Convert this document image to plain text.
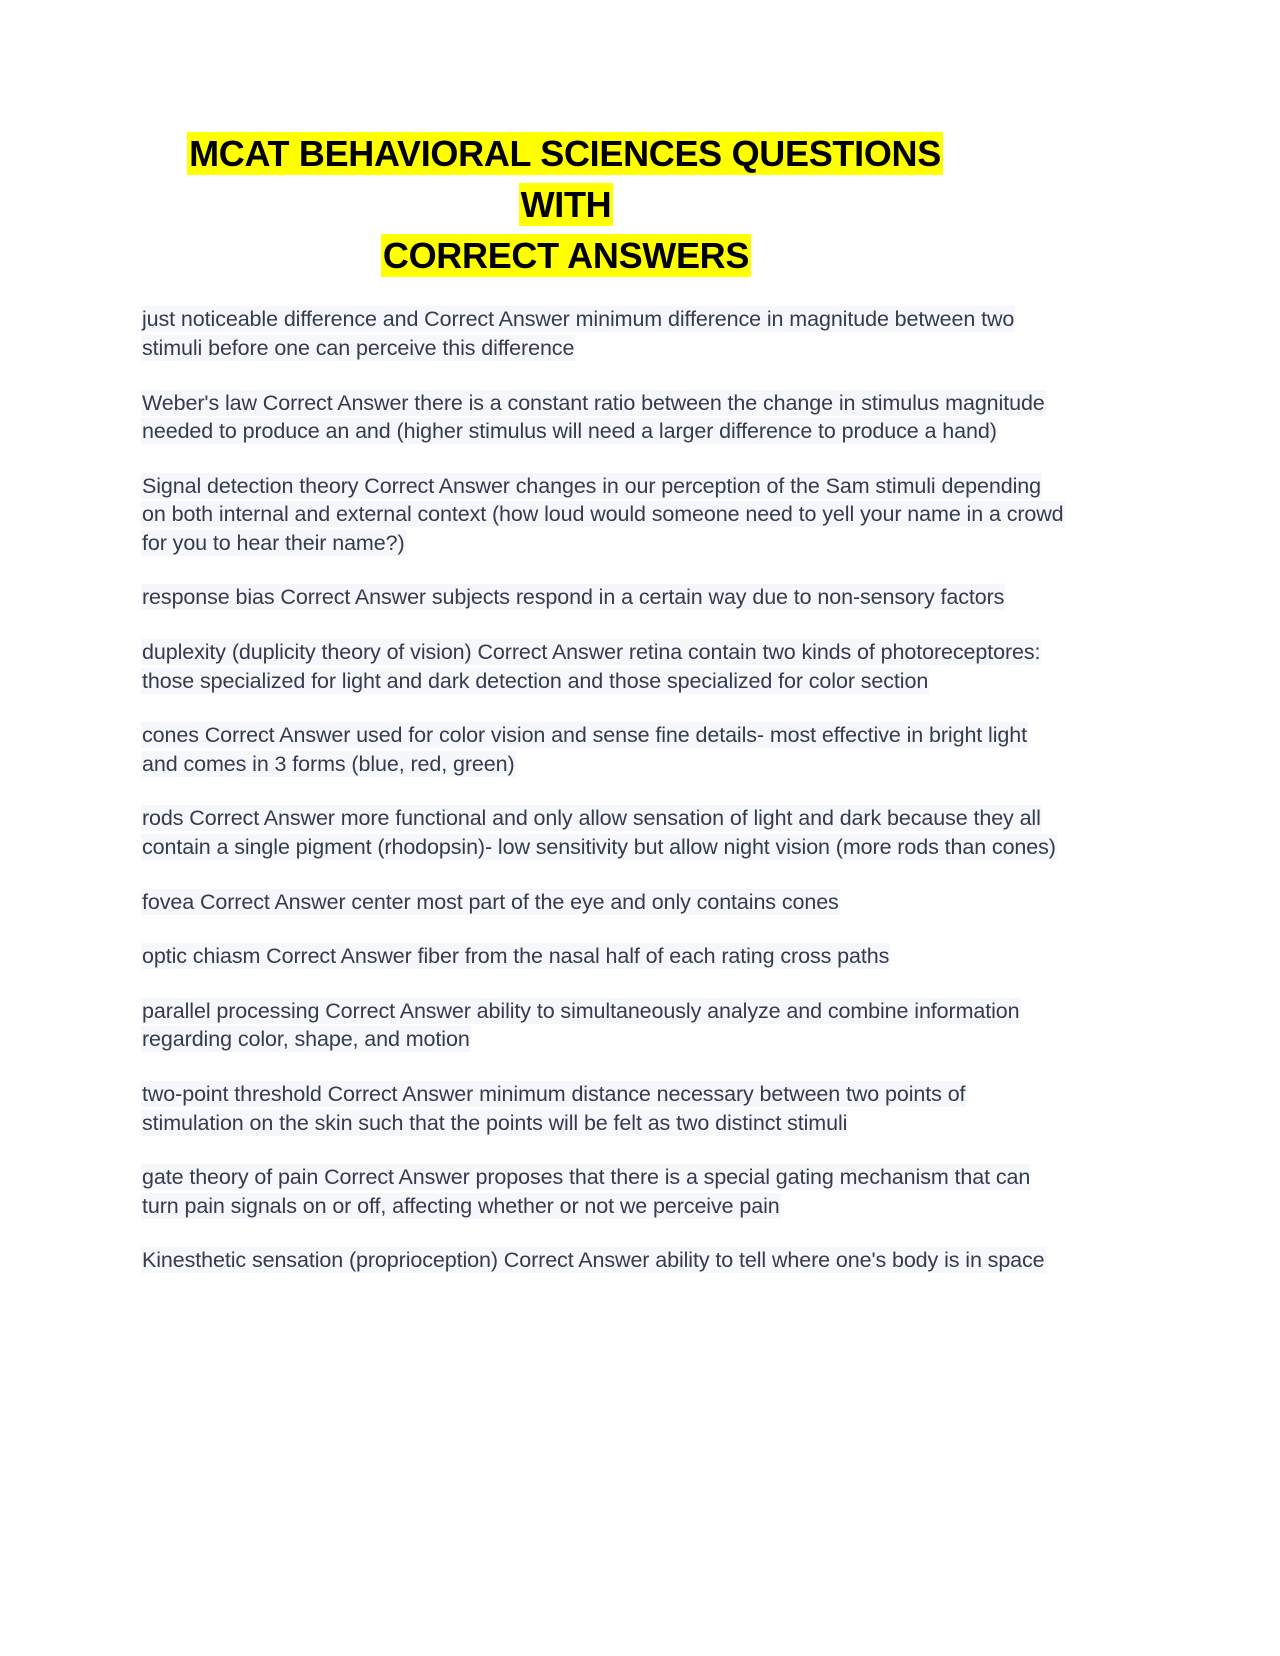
MCAT BEHAVIORAL SCIENCES QUESTIONS WITH
CORRECT ANSWERS

just noticeable difference and Correct Answer minimum difference in magnitude between two stimuli before one can perceive this difference

Weber's law Correct Answer there is a constant ratio between the change in stimulus magnitude needed to produce an and (higher stimulus will need a larger difference to produce a hand)

Signal detection theory Correct Answer changes in our perception of the Sam stimuli depending on both internal and external context (how loud would someone need to yell your name in a crowd for you to hear their name?)

response bias Correct Answer subjects respond in a certain way due to non-sensory factors

duplexity (duplicity theory of vision) Correct Answer retina contain two kinds of photoreceptores: those specialized for light and dark detection and those specialized for color section

cones Correct Answer used for color vision and sense fine details- most effective in bright light and comes in 3 forms (blue, red, green)

rods Correct Answer more functional and only allow sensation of light and dark because they all contain a single pigment (rhodopsin)- low sensitivity but allow night vision (more rods than cones)

fovea Correct Answer center most part of the eye and only contains cones

optic chiasm Correct Answer fiber from the nasal half of each rating cross paths

parallel processing Correct Answer ability to simultaneously analyze and combine information regarding color, shape, and motion

two-point threshold Correct Answer minimum distance necessary between two points of stimulation on the skin such that the points will be felt as two distinct stimuli

gate theory of pain Correct Answer proposes that there is a special gating mechanism that can turn pain signals on or off, affecting whether or not we perceive pain

Kinesthetic sensation (proprioception) Correct Answer ability to tell where one's body is in space
